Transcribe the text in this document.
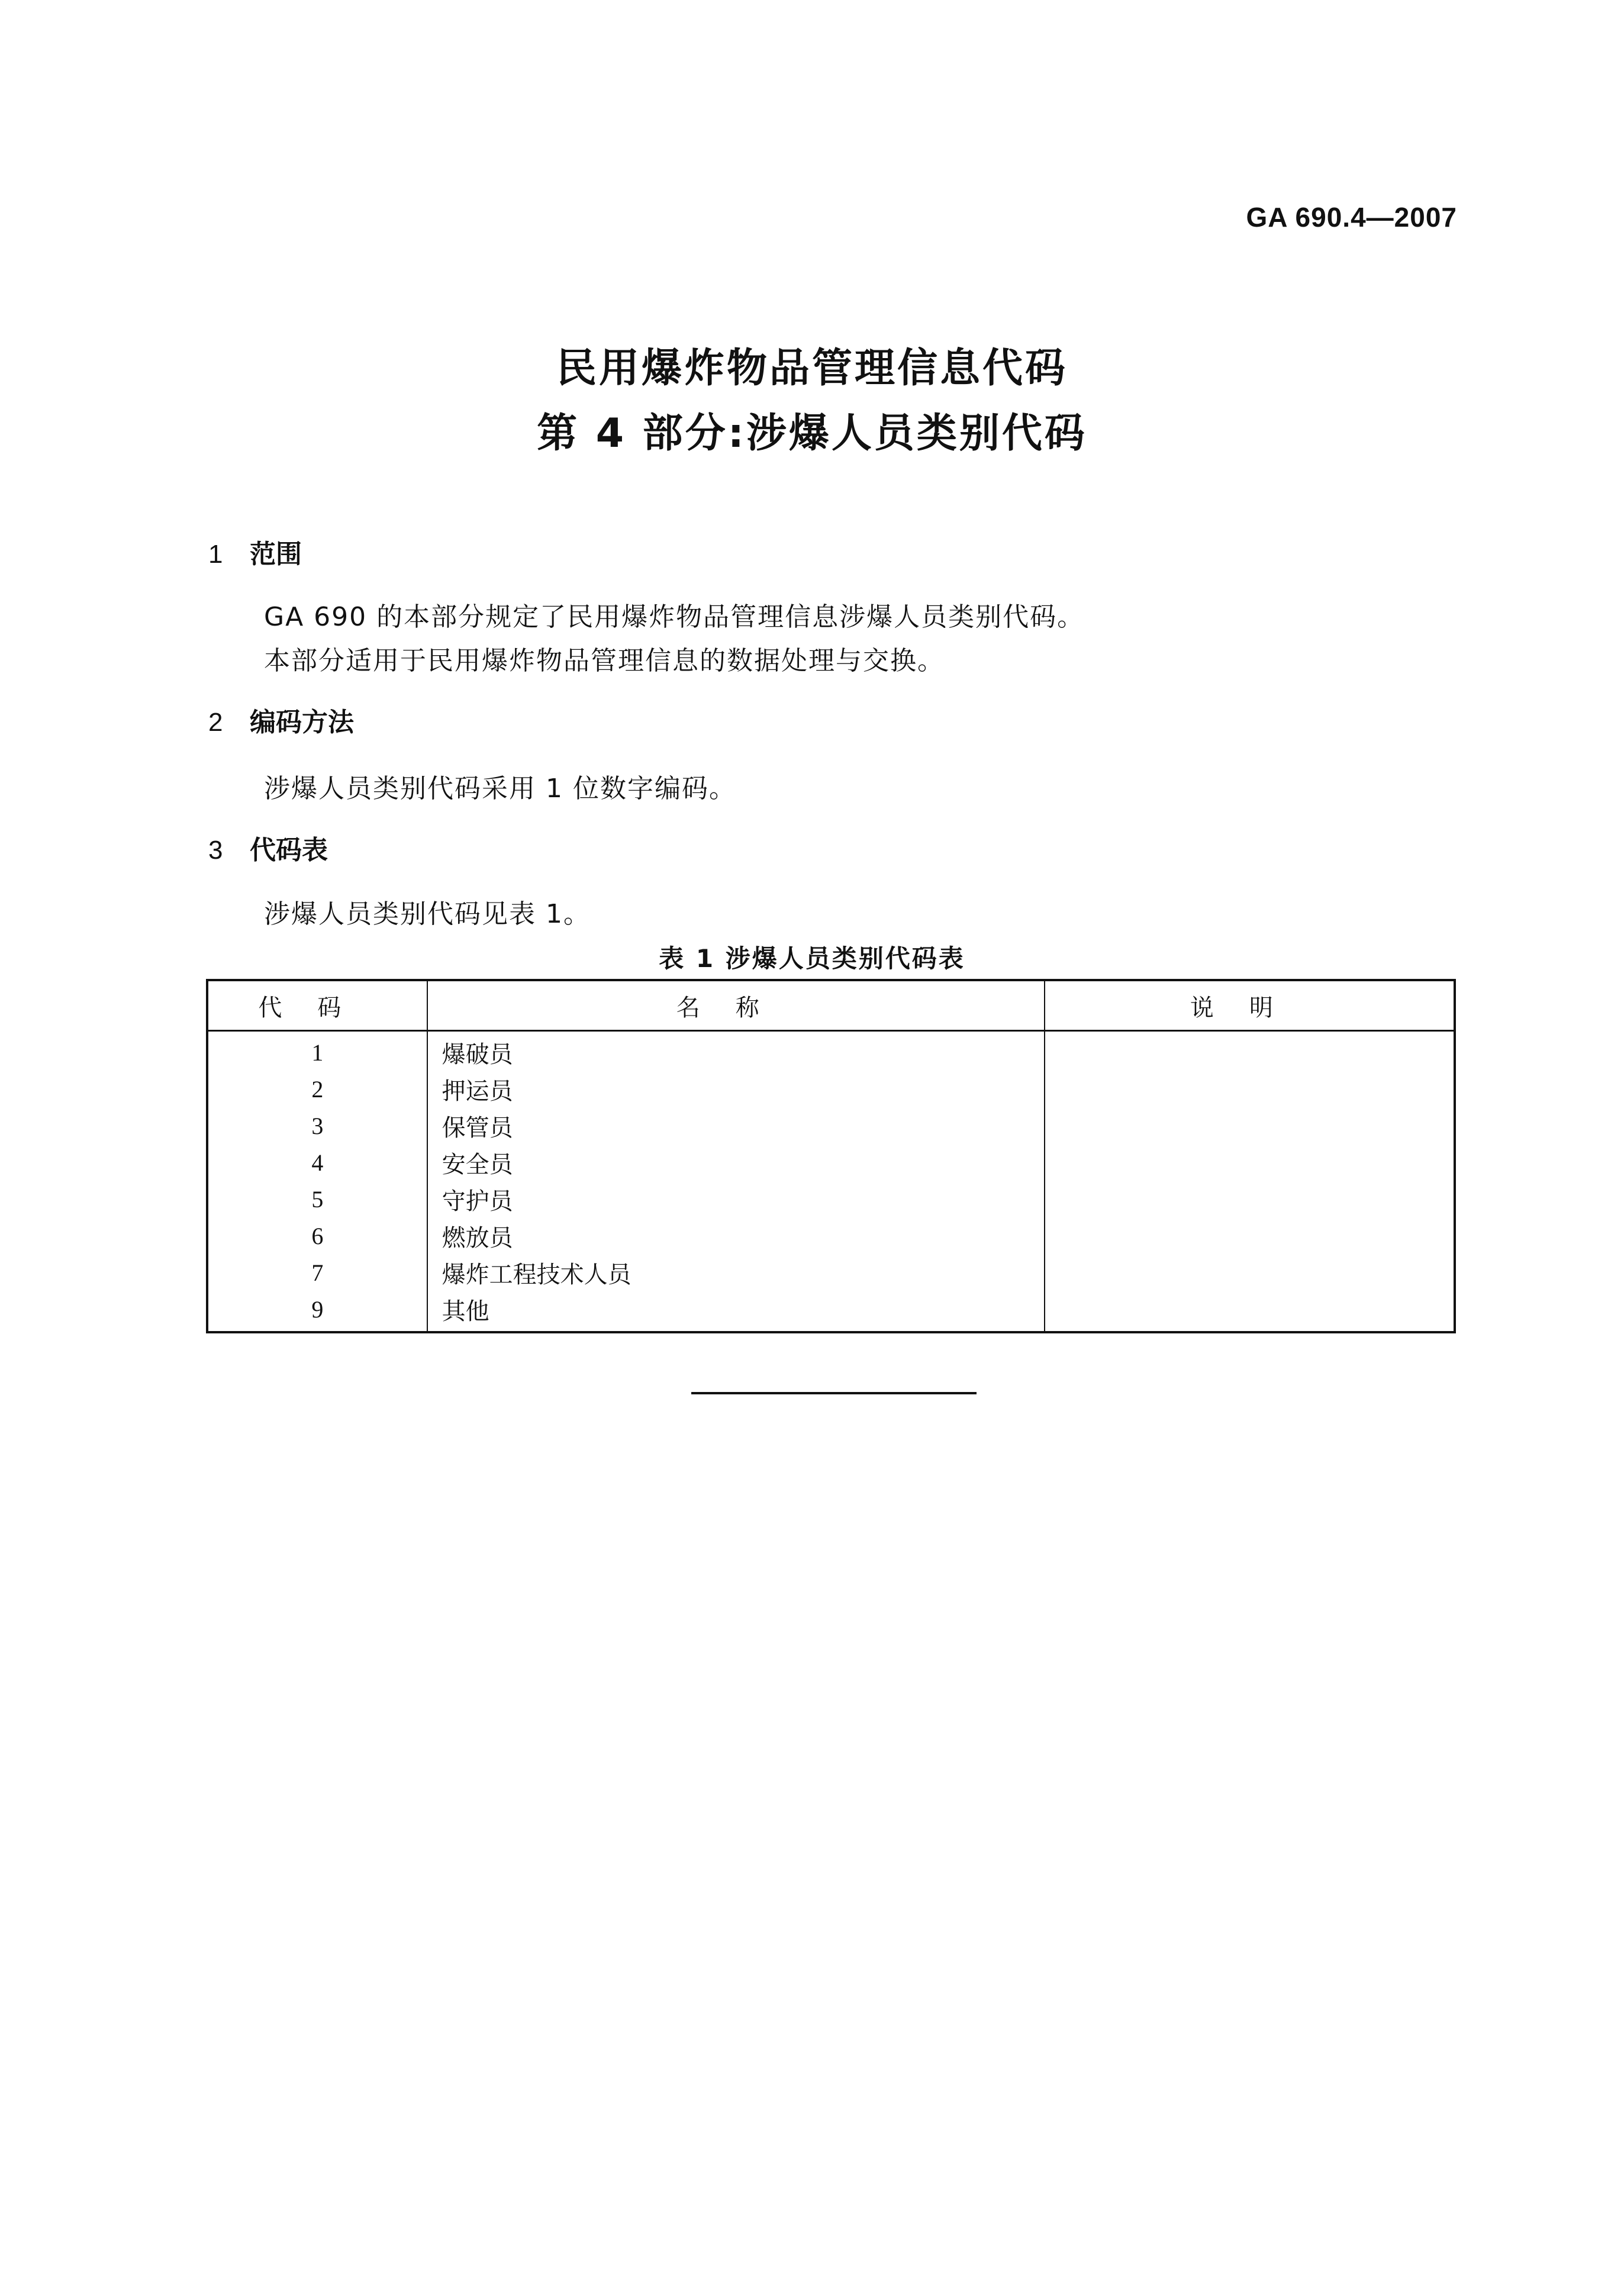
GA 690.4—2007
民用爆炸物品管理信息代码
第 4 部分:涉爆人员类别代码
1 范围
GA 690 的本部分规定了民用爆炸物品管理信息涉爆人员类别代码。
本部分适用于民用爆炸物品管理信息的数据处理与交换。
2 编码方法
涉爆人员类别代码采用 1 位数字编码。
3 代码表
涉爆人员类别代码见表 1。
表 1 涉爆人员类别代码表
代码	名称	说明
1	爆破员	
2	押运员	
3	保管员	
4	安全员	
5	守护员	
6	燃放员	
7	爆炸工程技术人员	
9	其他	
